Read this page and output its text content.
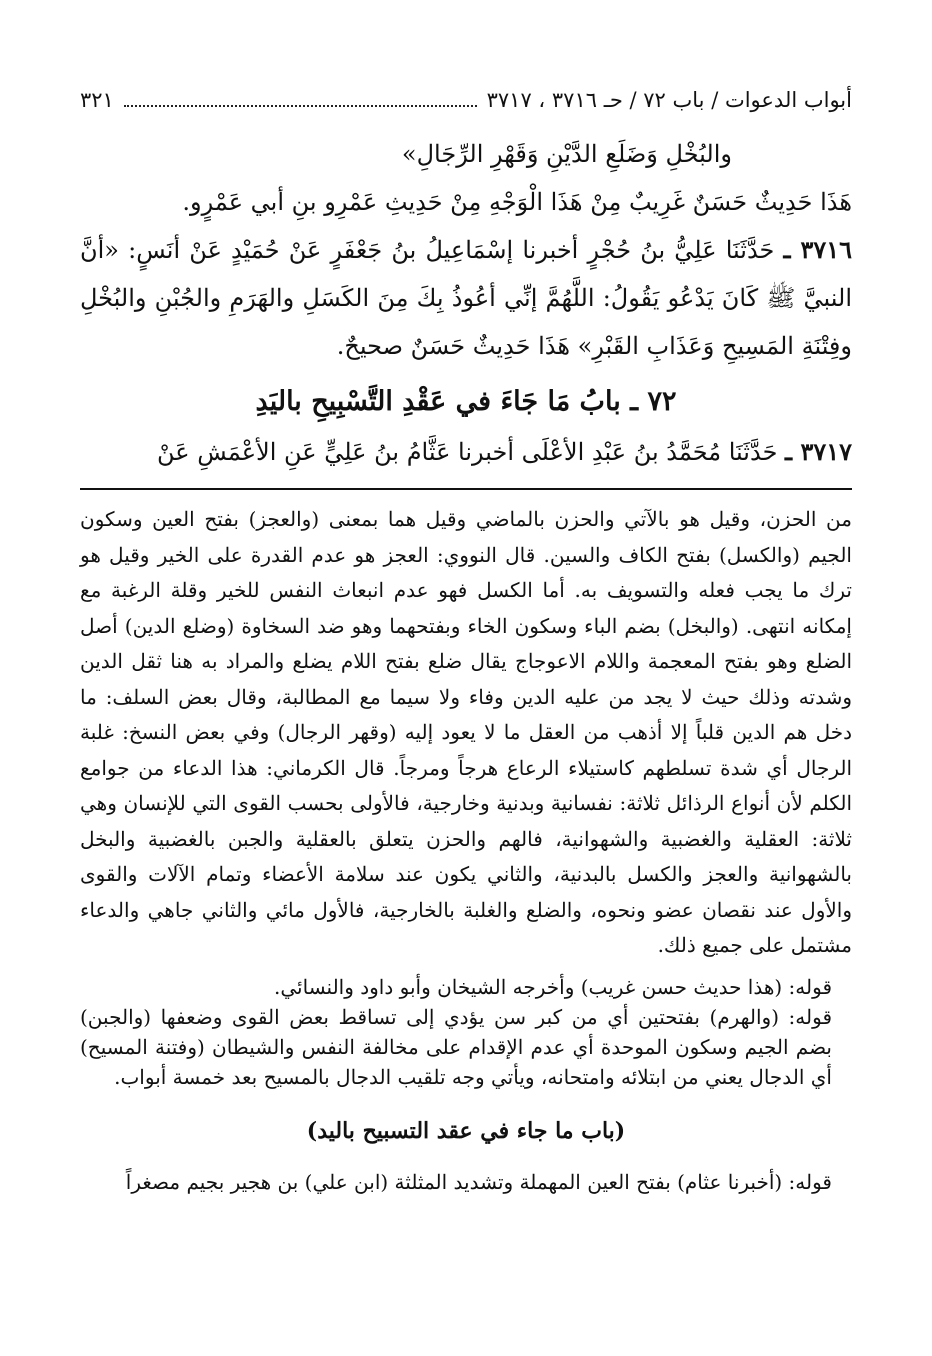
أبواب الدعوات / باب ٧٢ / حـ ٣٧١٦ ، ٣٧١٧
٣٢١

والبُخْلِ وَضَلَعِ الدَّيْنِ وَقَهْرِ الرِّجَالِ»

هَذَا حَدِيثٌ حَسَنٌ غَرِيبٌ مِنْ هَذَا الْوَجْهِ مِنْ حَدِيثِ عَمْرِو بنِ أبي عَمْرٍو.

٣٧١٦ ـ حَدَّثَنَا عَلِيُّ بنُ حُجْرٍ أخبرنا إسْمَاعِيلُ بنُ جَعْفَرٍ عَنْ حُمَيْدٍ عَنْ أنَسٍ: «أنَّ النبيَّ ﷺ كَانَ يَدْعُو يَقُولُ: اللَّهُمَّ إنِّي أعُوذُ بِكَ مِنَ الكَسَلِ والهَرَمِ والجُبْنِ والبُخْلِ وفِتْنَةِ المَسِيحِ وَعَذَابِ القَبْرِ» هَذَا حَدِيثٌ حَسَنٌ صحيحٌ.

٧٢ ـ بابُ مَا جَاءَ في عَقْدِ التَّسْبِيحِ باليَدِ

٣٧١٧ ـ حَدَّثَنَا مُحَمَّدُ بنُ عَبْدِ الأعْلَى أخبرنا عَثَّامُ بنُ عَلِيٍّ عَنِ الأعْمَشِ عَنْ

من الحزن، وقيل هو بالآتي والحزن بالماضي وقيل هما بمعنى (والعجز) بفتح العين وسكون الجيم (والكسل) بفتح الكاف والسين. قال النووي: العجز هو عدم القدرة على الخير وقيل هو ترك ما يجب فعله والتسويف به. أما الكسل فهو عدم انبعاث النفس للخير وقلة الرغبة مع إمكانه انتهى. (والبخل) بضم الباء وسكون الخاء وبفتحهما وهو ضد السخاوة (وضلع الدين) أصل الضلع وهو بفتح المعجمة واللام الاعوجاج يقال ضلع بفتح اللام يضلع والمراد به هنا ثقل الدين وشدته وذلك حيث لا يجد من عليه الدين وفاء ولا سيما مع المطالبة، وقال بعض السلف: ما دخل هم الدين قلباً إلا أذهب من العقل ما لا يعود إليه (وقهر الرجال) وفي بعض النسخ: غلبة الرجال أي شدة تسلطهم كاستيلاء الرعاع هرجاً ومرجاً. قال الكرماني: هذا الدعاء من جوامع الكلم لأن أنواع الرذائل ثلاثة: نفسانية وبدنية وخارجية، فالأولى بحسب القوى التي للإنسان وهي ثلاثة: العقلية والغضبية والشهوانية، فالهم والحزن يتعلق بالعقلية والجبن بالغضبية والبخل بالشهوانية والعجز والكسل بالبدنية، والثاني يكون عند سلامة الأعضاء وتمام الآلات والقوى والأول عند نقصان عضو ونحوه، والضلع والغلبة بالخارجية، فالأول مائي والثاني جاهي والدعاء مشتمل على جميع ذلك.

قوله: (هذا حديث حسن غريب) وأخرجه الشيخان وأبو داود والنسائي.

قوله: (والهرم) بفتحتين أي من كبر سن يؤدي إلى تساقط بعض القوى وضعفها (والجبن) بضم الجيم وسكون الموحدة أي عدم الإقدام على مخالفة النفس والشيطان (وفتنة المسيح) أي الدجال يعني من ابتلائه وامتحانه، ويأتي وجه تلقيب الدجال بالمسيح بعد خمسة أبواب.

(باب ما جاء في عقد التسبيح باليد)

قوله: (أخبرنا عثام) بفتح العين المهملة وتشديد المثلثة (ابن علي) بن هجير بجيم مصغراً
